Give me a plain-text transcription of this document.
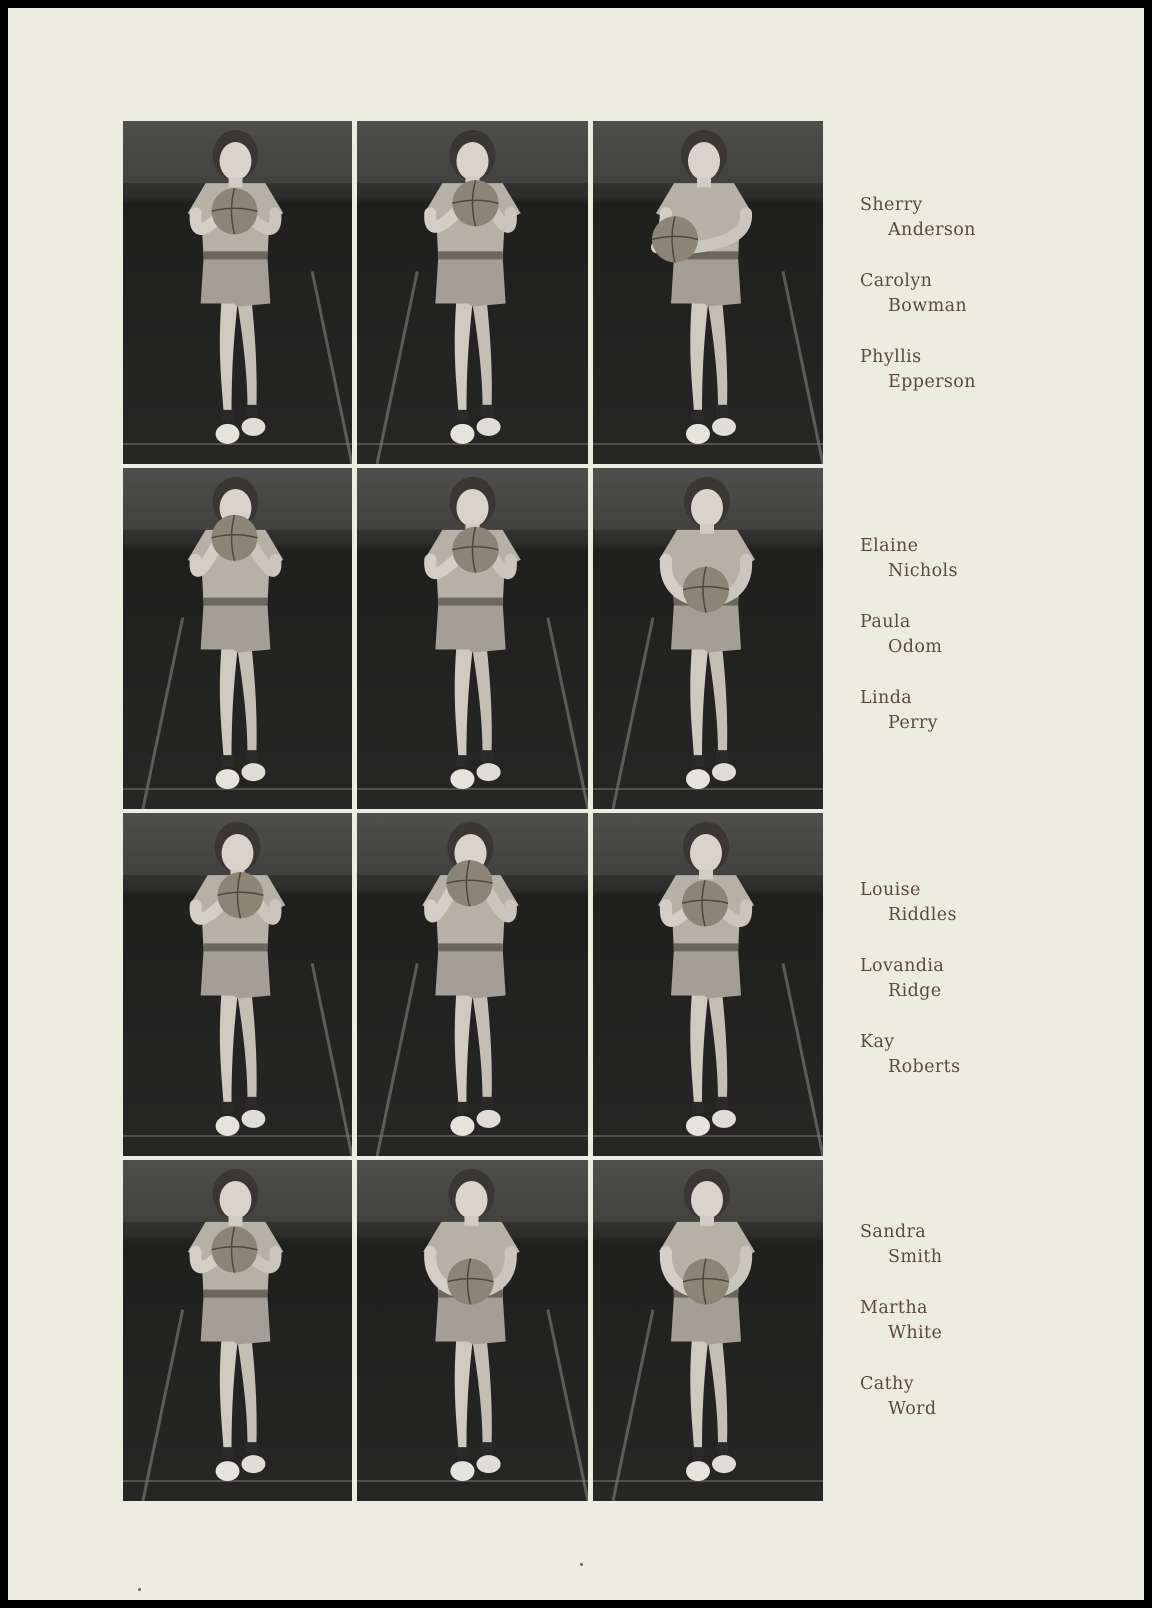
Sherry
Anderson
Carolyn
Bowman
Phyllis
Epperson
Elaine
Nichols
Paula
Odom
Linda
Perry
Louise
Riddles
Lovandia
Ridge
Kay
Roberts
Sandra
Smith
Martha
White
Cathy
Word
